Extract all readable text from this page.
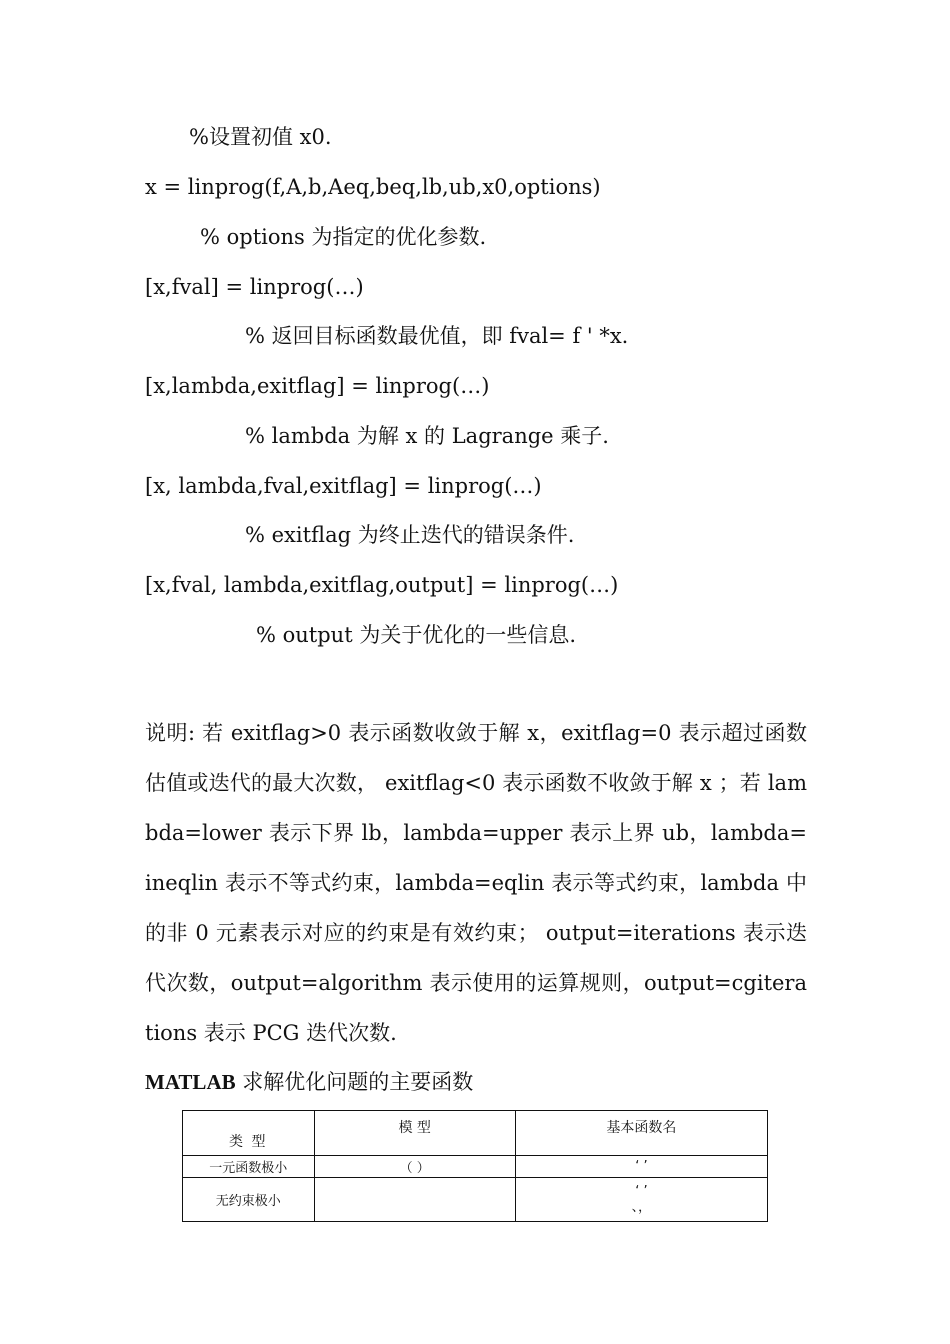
%设置初值 x0.
x = linprog(f,A,b,Aeq,beq,lb,ub,x0,options)
% options 为指定的优化参数.
[x,fval] = linprog(…)
% 返回目标函数最优值，即 fval= f ' *x.
[x,lambda,exitflag] = linprog(…)
% lambda 为解 x 的 Lagrange 乘子.
[x, lambda,fval,exitflag] = linprog(…)
% exitflag 为终止迭代的错误条件.
[x,fval, lambda,exitflag,output] = linprog(…)
% output 为关于优化的一些信息.
说明: 若 exitflag>0 表示函数收敛于解 x，exitflag=0 表示超过函数估值或迭代的最大次数， exitflag<0 表示函数不收敛于解 x ；若 lambda=lower 表示下界 lb，lambda=upper 表示上界 ub，lambda=ineqlin 表示不等式约束，lambda=eqlin 表示等式约束，lambda 中的非 0 元素表示对应的约束是有效约束； output=iterations 表示迭代次数，output=algorithm 表示使用的运算规则，output=cgiterations 表示 PCG 迭代次数.
MATLAB 求解优化问题的主要函数
类 型	模 型	基本函数名

一元函数极小	（ ）	‘ ’
无约束极小		‘ ’
、，
